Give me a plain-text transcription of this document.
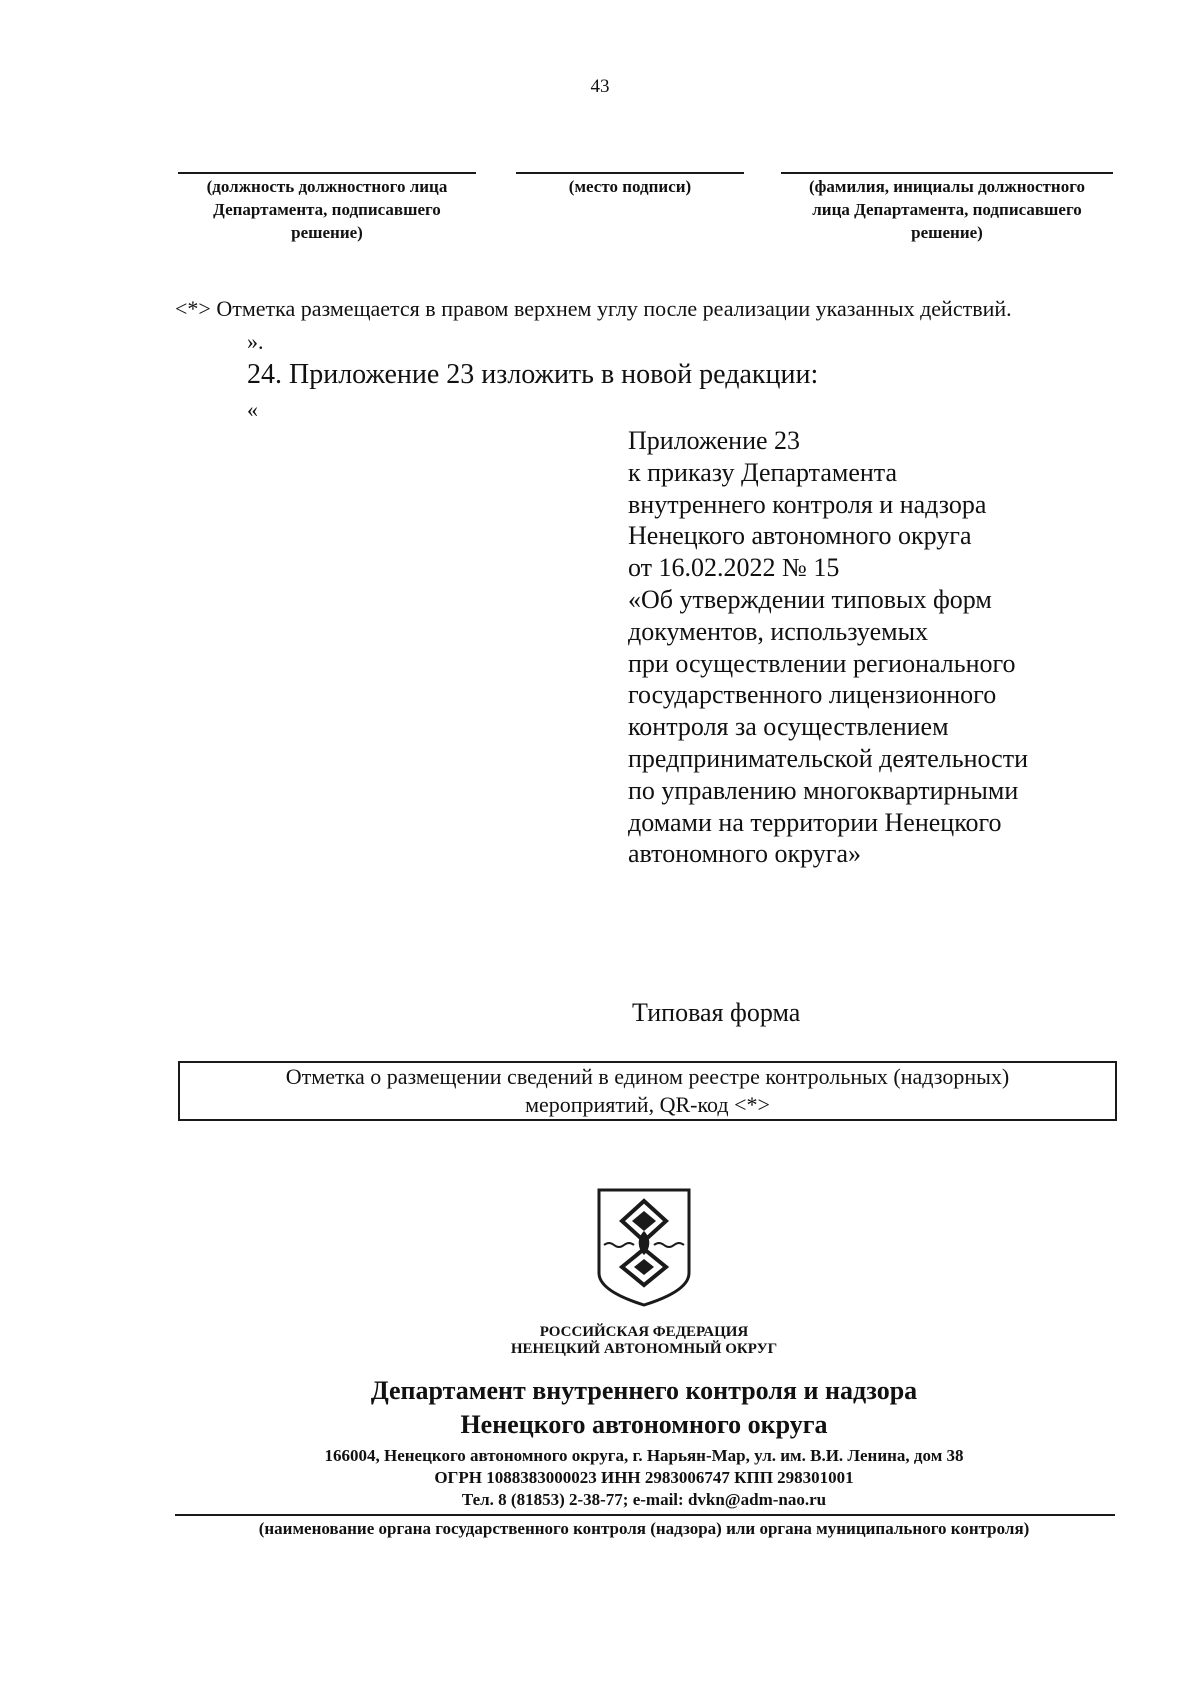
43
(должность должностного лица
Департамента, подписавшего
решение)
(место подписи)	(фамилия, инициалы должностного
лица Департамента, подписавшего
решение)
<*> Отметка размещается в правом верхнем углу после реализации указанных действий.
».
24. Приложение 23 изложить в новой редакции:
«
Приложение 23
к приказу Департамента
внутреннего контроля и надзора
Ненецкого автономного округа
от 16.02.2022 № 15
«Об утверждении типовых форм
документов, используемых
при осуществлении регионального
государственного лицензионного
контроля за осуществлением
предпринимательской деятельности
по управлению многоквартирными
домами на территории Ненецкого
автономного округа»
Типовая форма
Отметка о размещении сведений в едином реестре контрольных (надзорных)
мероприятий, QR-код <*>
РОССИЙСКАЯ ФЕДЕРАЦИЯ
НЕНЕЦКИЙ АВТОНОМНЫЙ ОКРУГ
Департамент внутреннего контроля и надзора
Ненецкого автономного округа
166004, Ненецкого автономного округа, г. Нарьян-Мар, ул. им. В.И. Ленина, дом 38
ОГРН 1088383000023 ИНН 2983006747 КПП 298301001
Тел. 8 (81853) 2-38-77; e-mail: dvkn@adm-nao.ru
(наименование органа государственного контроля (надзора) или органа муниципального контроля)
